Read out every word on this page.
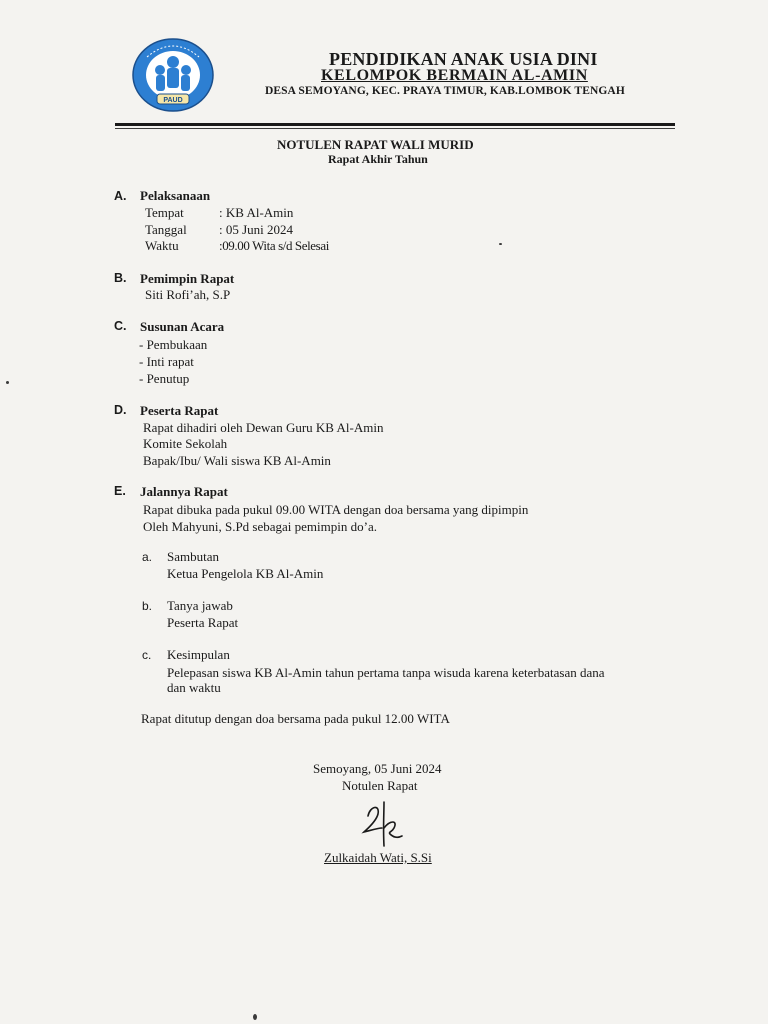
PAUD
PENDIDIKAN ANAK USIA DINI
KELOMPOK BERMAIN AL-AMIN
DESA SEMOYANG, KEC. PRAYA TIMUR, KAB.LOMBOK TENGAH
NOTULEN RAPAT WALI MURID
Rapat Akhir Tahun
A. Pelaksanaan
Tempat	: KB Al-Amin
Tanggal : 05 Juni 2024
Waktu	:09.00 Wita s/d Selesai
B. Pemimpin Rapat
Siti Rofi’ah, S.P
C. Susunan Acara
- Pembukaan
- Inti rapat
- Penutup
D. Peserta Rapat
Rapat dihadiri oleh Dewan Guru KB Al-Amin
Komite Sekolah
Bapak/Ibu/ Wali siswa KB Al-Amin
E. Jalannya Rapat
Rapat dibuka pada pukul 09.00 WITA dengan doa bersama yang dipimpin
Oleh Mahyuni, S.Pd sebagai pemimpin do’a.
a. Sambutan
Ketua Pengelola KB Al-Amin
b. Tanya jawab
Peserta Rapat
c. Kesimpulan
Pelepasan siswa KB Al-Amin tahun pertama tanpa wisuda karena keterbatasan dana
dan waktu
Rapat ditutup dengan doa bersama pada pukul 12.00 WITA
Semoyang, 05 Juni 2024
Notulen Rapat
Zulkaidah Wati, S.Si
